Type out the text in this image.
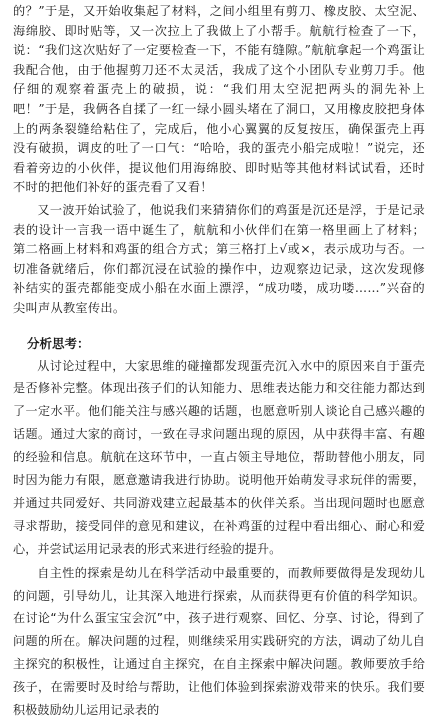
的？”于是，又开始收集起了材料，之间小组里有剪刀、橡皮胶、太空泥、海绵胶、即时贴等，又一次拉上了我做上了小帮手。航航行检查了一下，说：“我们这次贴好了一定要检查一下，不能有缝隙。”航航拿起一个鸡蛋让我配合他，由于他握剪刀还不太灵活，我成了这个小团队专业剪刀手。他仔细的观察着蛋壳上的破损，说：“我们用太空泥把两头的洞先补上吧！”于是，我俩各自揉了一红一绿小圆头堵在了洞口，又用橡皮胶把身体上的两条裂缝给粘住了，完成后，他小心翼翼的反复按压，确保蛋壳上再没有破损，调皮的吐了一口气：“哈哈，我的蛋壳小船完成啦！”说完，还看着旁边的小伙伴，提议他们用海绵胶、即时贴等其他材料试试看，还时不时的把他们补好的蛋壳看了又看！

又一波开始试验了，他说我们来猜猜你们的鸡蛋是沉还是浮，于是记录表的设计一言我一语中诞生了，航航和小伙伴们在第一格里画上了材料；第二格画上材料和鸡蛋的组合方式；第三格打上√或×，表示成功与否。一切准备就绪后，你们都沉浸在试验的操作中，边观察边记录，这次发现修补结实的蛋壳都能变成小船在水面上漂浮，“成功喽，成功喽……”兴奋的尖叫声从教室传出。

分析思考：

从讨论过程中，大家思维的碰撞都发现蛋壳沉入水中的原因来自于蛋壳是否修补完整。体现出孩子们的认知能力、思维表达能力和交往能力都达到了一定水平。他们能关注与感兴趣的话题，也愿意听别人谈论自己感兴趣的话题。通过大家的商讨，一致在寻求问题出现的原因，从中获得丰富、有趣的经验和信息。航航在这环节中，一直占领主导地位，帮助替他小朋友，同时因为能力有限，愿意邀请我进行协助。说明他开始萌发寻求玩伴的需要，并通过共同爱好、共同游戏建立起最基本的伙伴关系。当出现问题时也愿意寻求帮助，接受同伴的意见和建议，在补鸡蛋的过程中看出细心、耐心和爱心，并尝试运用记录表的形式来进行经验的提升。

自主性的探索是幼儿在科学活动中最重要的，而教师要做得是发现幼儿的问题，引导幼儿，让其深入地进行探索，从而获得更有价值的科学知识。在讨论“为什么蛋宝宝会沉”中，孩子进行观察、回忆、分享、讨论，得到了问题的所在。解决问题的过程，则继续采用实践研究的方法，调动了幼儿自主探究的积极性，让通过自主探究，在自主探索中解决问题。教师要放手给孩子，在需要时及时给与帮助，让他们体验到探索游戏带来的快乐。我们要积极鼓励幼儿运用记录表的
